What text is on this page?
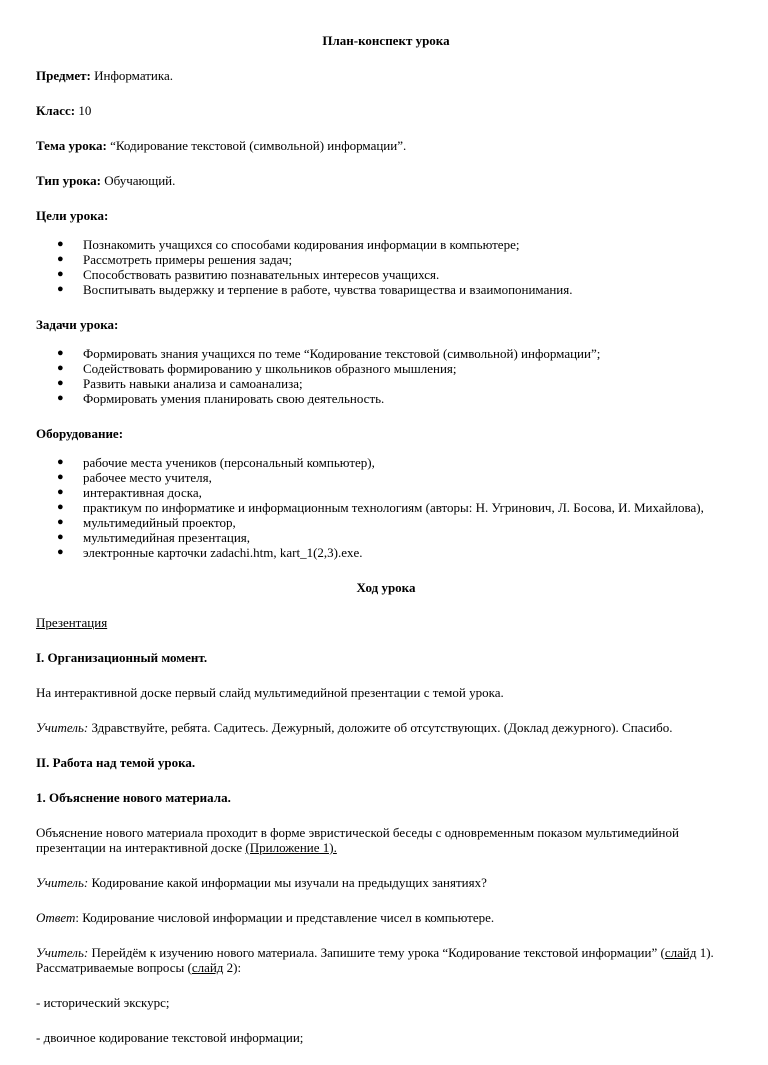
План-конспект урока

Предмет: Информатика.

Класс: 10

Тема урока: “Кодирование текстовой (символьной) информации”.

Тип урока: Обучающий.

Цели урока:

● Познакомить учащихся со способами кодирования информации в компьютере;
● Рассмотреть примеры решения задач;
● Способствовать развитию познавательных интересов учащихся.
● Воспитывать выдержку и терпение в работе, чувства товарищества и взаимопонимания.

Задачи урока:

● Формировать знания учащихся по теме “Кодирование текстовой (символьной) информации”;
● Содействовать формированию у школьников образного мышления;
● Развить навыки анализа и самоанализа;
● Формировать умения планировать свою деятельность.

Оборудование:

● рабочие места учеников (персональный компьютер),
● рабочее место учителя,
● интерактивная доска,
● практикум по информатике и информационным технологиям (авторы: Н. Угринович, Л. Босова, И. Михайлова),
● мультимедийный проектор,
● мультимедийная презентация,
● электронные карточки zadachi.htm, kart_1(2,3).exe.

Ход урока

Презентация

I. Организационный момент.

На интерактивной доске первый слайд мультимедийной презентации с темой урока.

Учитель: Здравствуйте, ребята. Садитесь. Дежурный, доложите об отсутствующих. (Доклад дежурного). Спасибо.

II. Работа над темой урока.

1. Объяснение нового материала.

Объяснение нового материала проходит в форме эвристической беседы с одновременным показом мультимедийной презентации на интерактивной доске (Приложение 1).

Учитель: Кодирование какой информации мы изучали на предыдущих занятиях?

Ответ: Кодирование числовой информации и представление чисел в компьютере.

Учитель: Перейдём к изучению нового материала. Запишите тему урока “Кодирование текстовой информации” (слайд 1). Рассматриваемые вопросы (слайд 2):

- исторический экскурс;

- двоичное кодирование текстовой информации;
